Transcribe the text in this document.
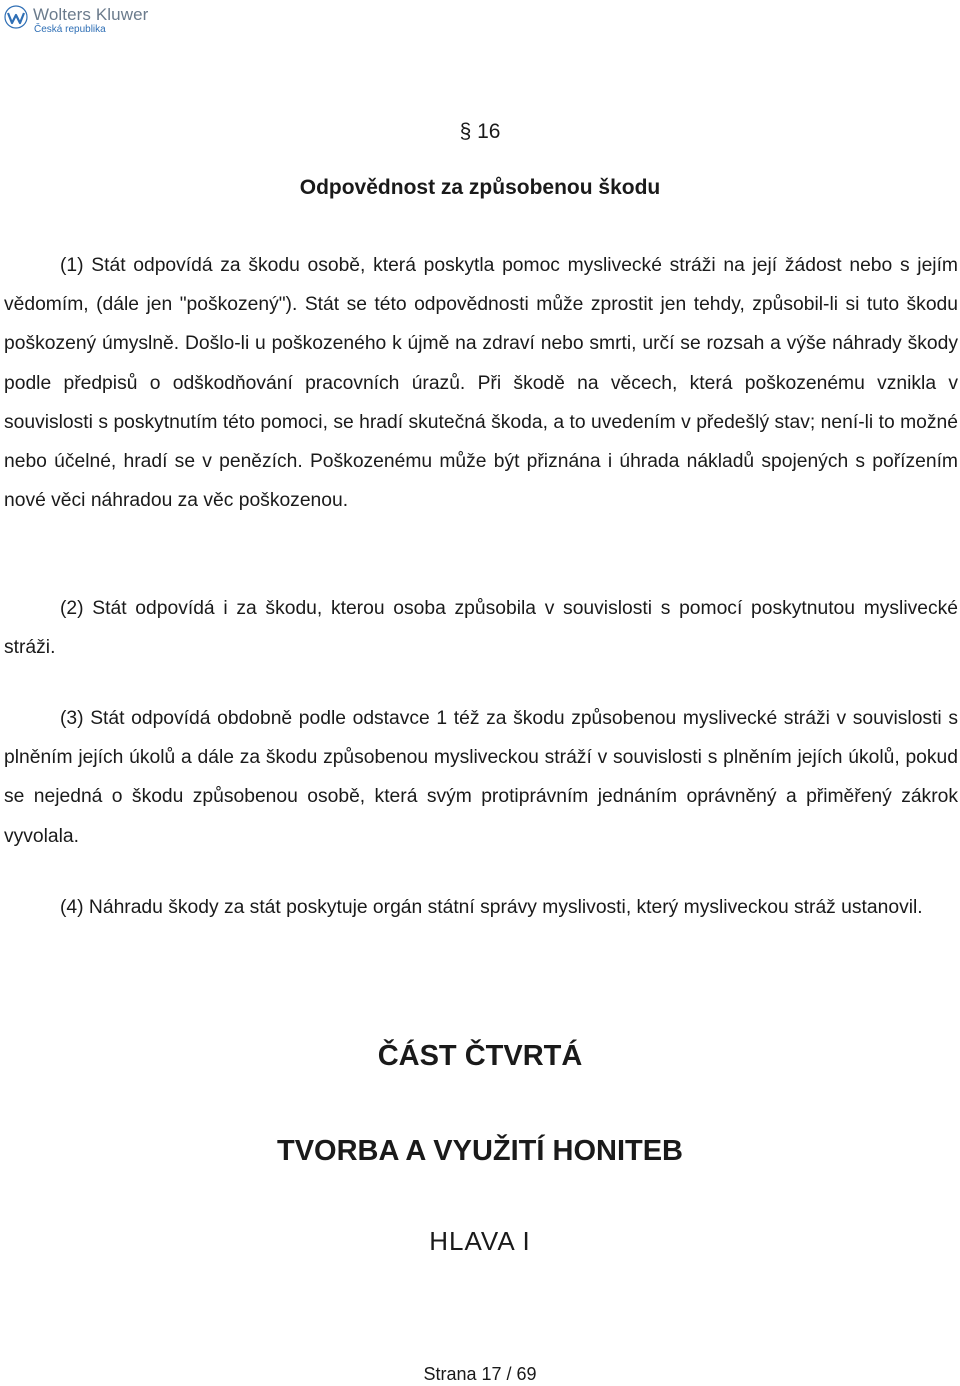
Wolters Kluwer
Česká republika
§ 16
Odpovědnost za způsobenou škodu

(1) Stát odpovídá za škodu osobě, která poskytla pomoc myslivecké stráži na její žádost nebo s jejím vědomím, (dále jen "poškozený"). Stát se této odpovědnosti může zprostit jen tehdy, způsobil-li si tuto škodu poškozený úmyslně. Došlo-li u poškozeného k újmě na zdraví nebo smrti, určí se rozsah a výše náhrady škody podle předpisů o odškodňování pracovních úrazů. Při škodě na věcech, která poškozenému vznikla v souvislosti s poskytnutím této pomoci, se hradí skutečná škoda, a to uvedením v předešlý stav; není-li to možné nebo účelné, hradí se v penězích. Poškozenému může být přiznána i úhrada nákladů spojených s pořízením nové věci náhradou za věc poškozenou.

(2) Stát odpovídá i za škodu, kterou osoba způsobila v souvislosti s pomocí poskytnutou myslivecké stráži.

(3) Stát odpovídá obdobně podle odstavce 1 též za škodu způsobenou myslivecké stráži v souvislosti s plněním jejích úkolů a dále za škodu způsobenou mysliveckou stráží v souvislosti s plněním jejích úkolů, pokud se nejedná o škodu způsobenou osobě, která svým protiprávním jednáním oprávněný a přiměřený zákrok vyvolala.

(4) Náhradu škody za stát poskytuje orgán státní správy myslivosti, který mysliveckou stráž ustanovil.

ČÁST ČTVRTÁ
TVORBA A VYUŽITÍ HONITEB
HLAVA I
Strana 17 / 69
